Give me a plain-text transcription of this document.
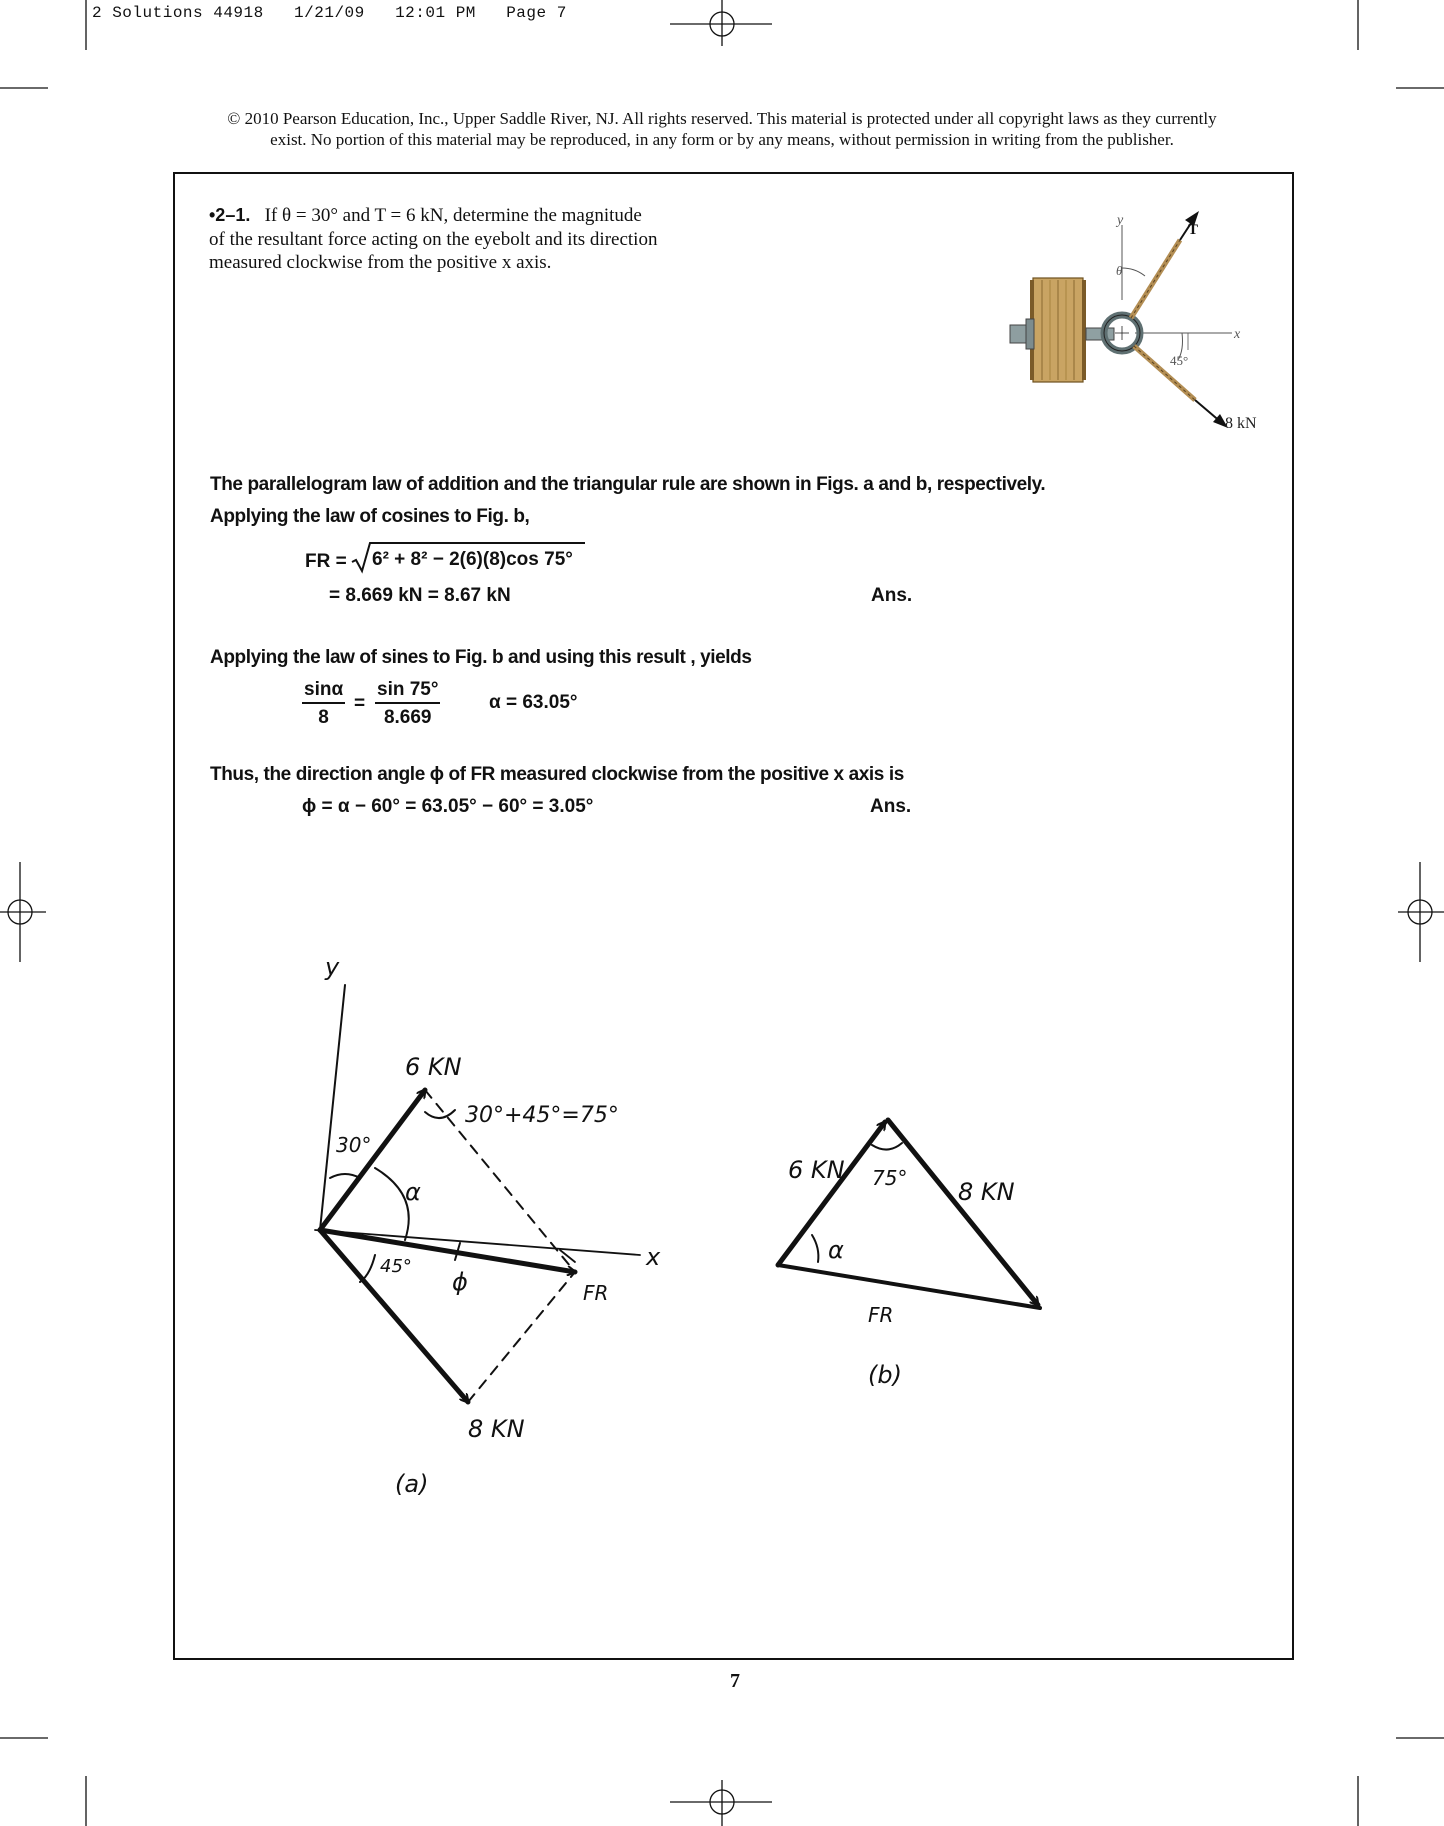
2 Solutions 44918 1/21/09 12:01 PM Page 7
© 2010 Pearson Education, Inc., Upper Saddle River, NJ. All rights reserved. This material is protected under all copyright laws as they currently
exist. No portion of this material may be reproduced, in any form or by any means, without permission in writing from the publisher.
•2–1. If θ = 30° and T = 6 kN, determine the magnitude
of the resultant force acting on the eyebolt and its direction
measured clockwise from the positive x axis.
y
x
T
θ
45°
8 kN
The parallelogram law of addition and the triangular rule are shown in Figs. a and b, respectively.
Applying the law of cosines to Fig. b,
FR = 6² + 8² − 2(6)(8)cos 75°
= 8.669 kN = 8.67 kN	Ans.
Applying the law of sines to Fig. b and using this result , yields
$\frac{\sin\alpha}{8} = \frac{\sin 75^\circ}{8.669}$	α = 63.05°
Thus, the direction angle ϕ of FR measured clockwise from the positive x axis is
ϕ = α − 60° = 63.05° − 60° = 3.05°	Ans.
y
x
6 KN
30°+45°=75°
30°
α
45°
ϕ	FR
8 KN
(a)
6 KN 75° 8 KN
α
FR
(b)
7
